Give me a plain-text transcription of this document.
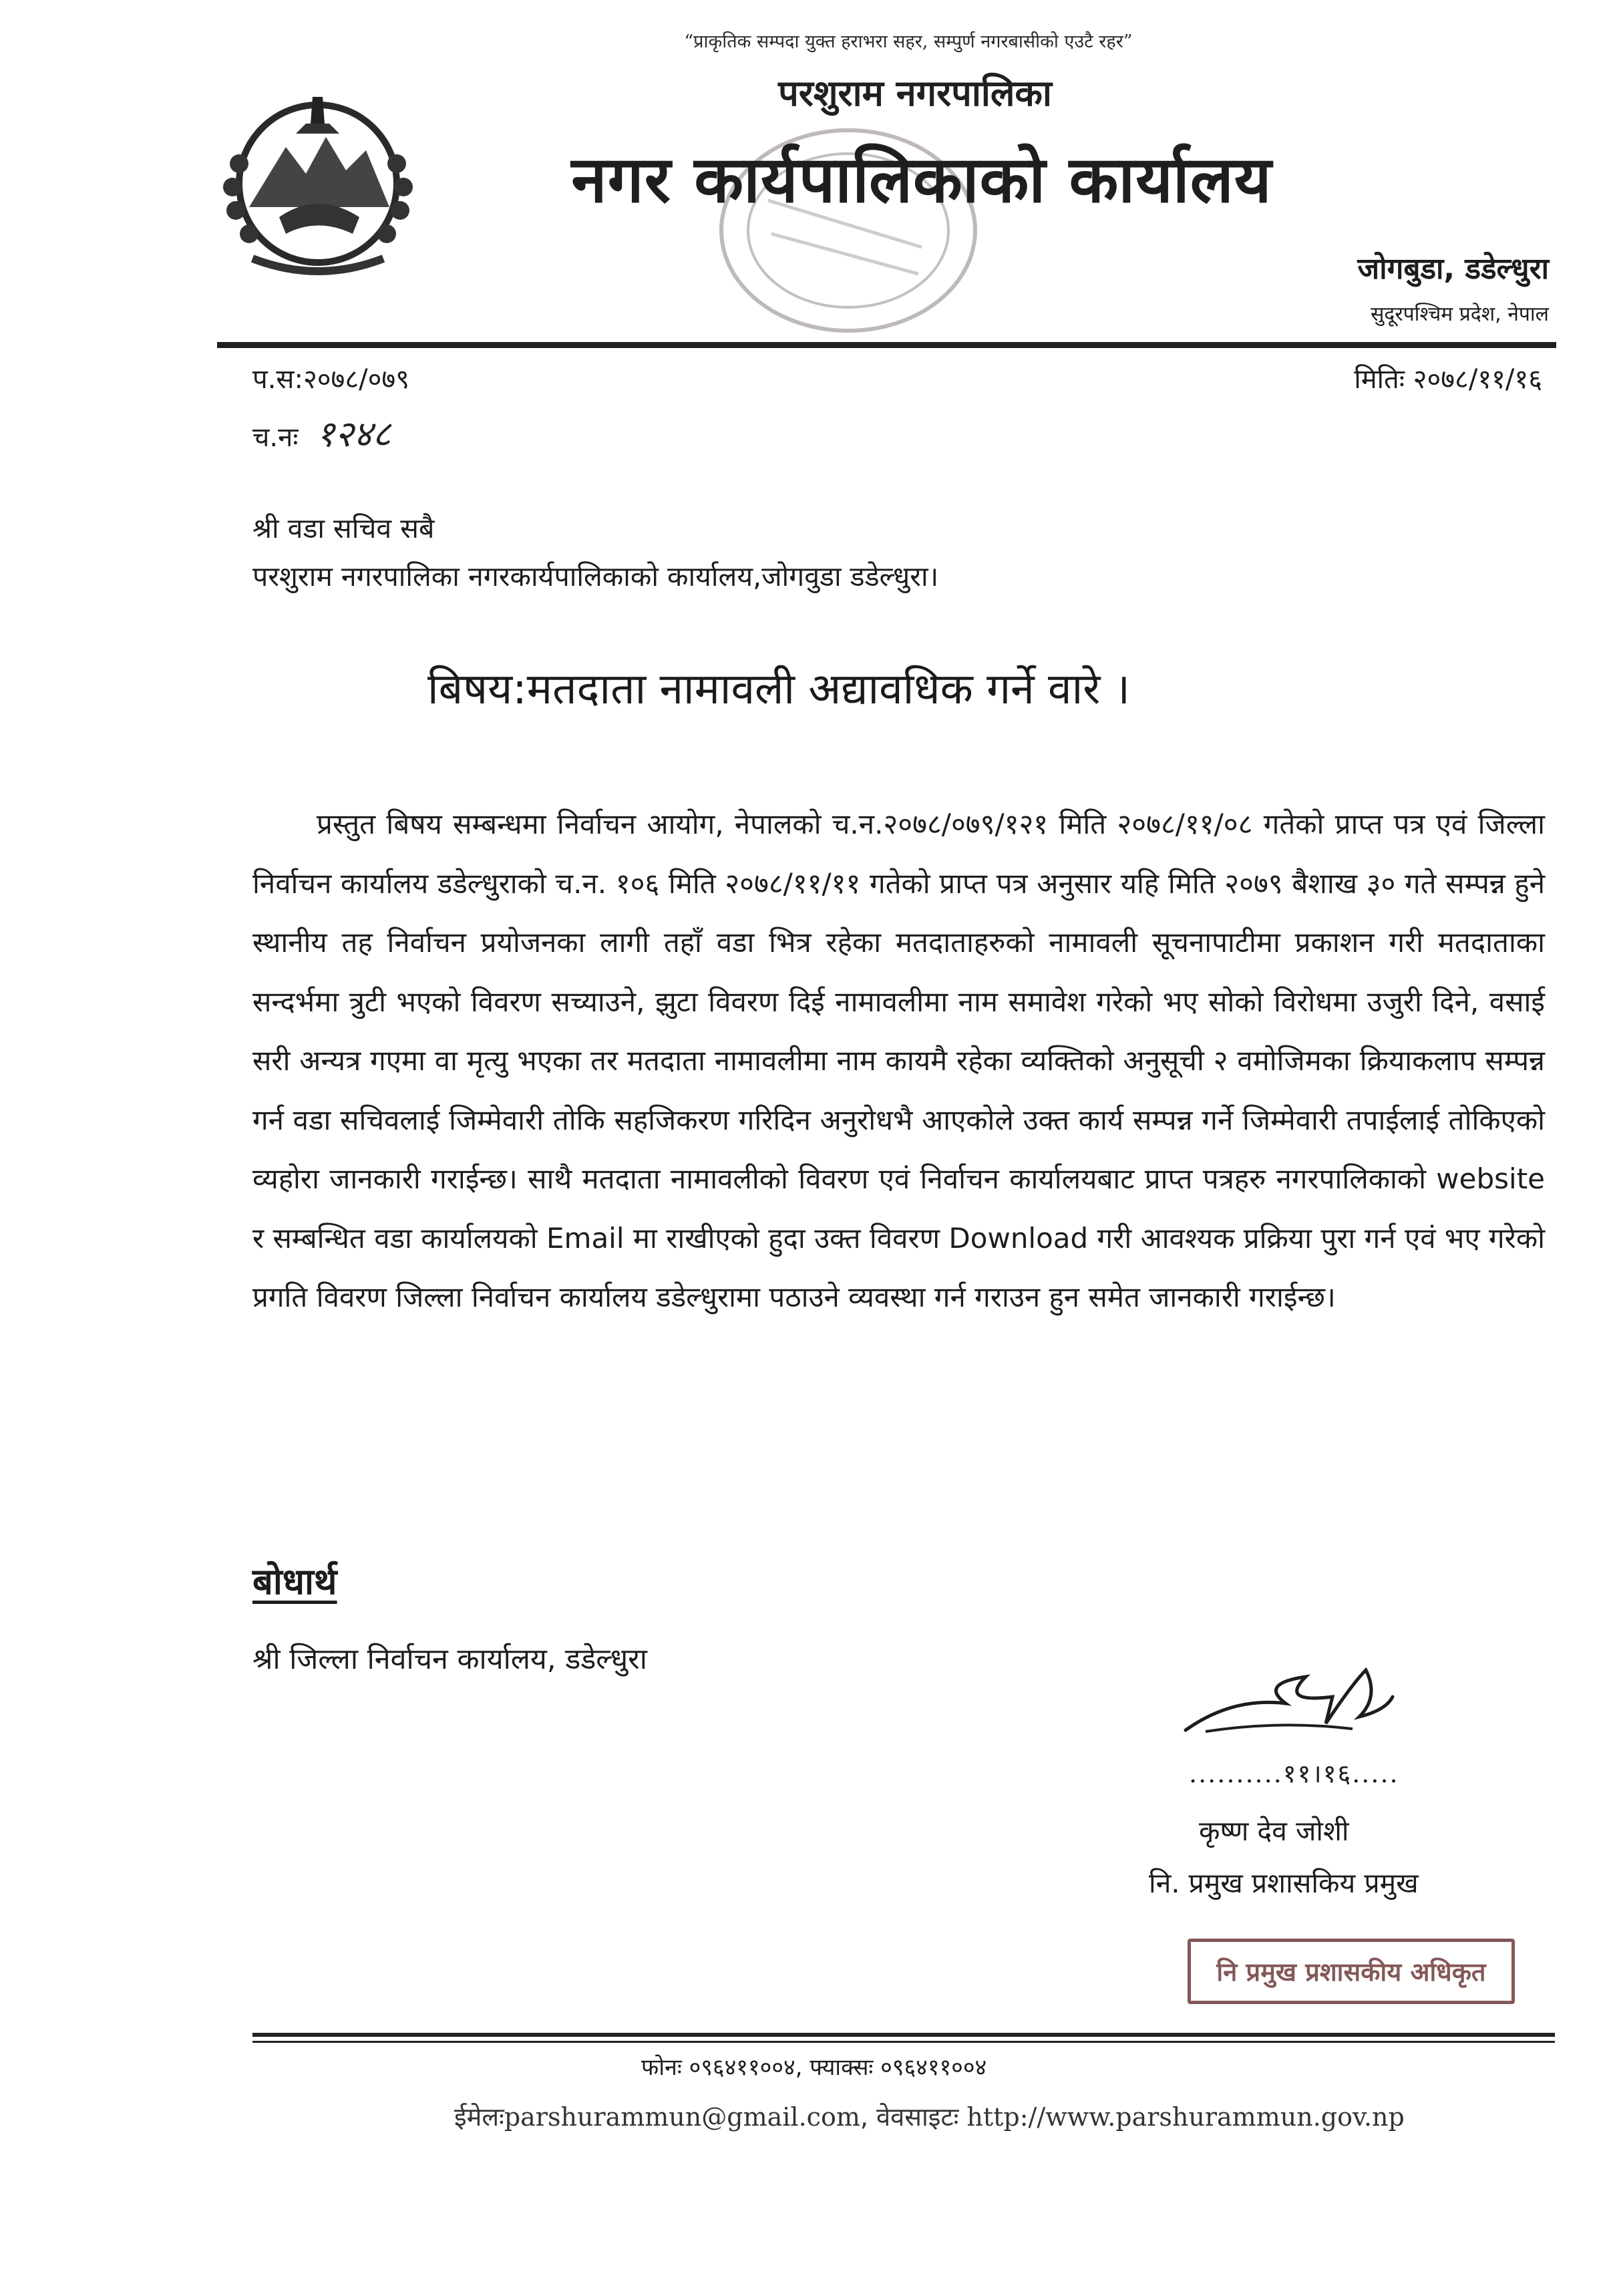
“प्राकृतिक सम्पदा युक्त हराभरा सहर, सम्पुर्ण नगरबासीको एउटै रहर”
परशुराम नगरपालिका
नगर कार्यपालिकाको कार्यालय
जोगबुडा, डडेल्धुरा
सुदूरपश्चिम प्रदेश, नेपाल
प.स:२०७८/०७९
च.नः १२४८
मितिः २०७८/११/१६
श्री वडा सचिव सबै
परशुराम नगरपालिका नगरकार्यपालिकाको कार्यालय,जोगवुडा डडेल्धुरा।
बिषय:मतदाता नामावली अद्यावधिक गर्ने वारे ।
प्रस्तुत बिषय सम्बन्धमा निर्वाचन आयोग, नेपालको च.न.२०७८/०७९/१२१ मिति २०७८/११/०८ गतेको प्राप्त पत्र एवं जिल्ला निर्वाचन कार्यालय डडेल्धुराको च.न. १०६ मिति २०७८/११/११ गतेको प्राप्त पत्र अनुसार यहि मिति २०७९ बैशाख ३० गते सम्पन्न हुने स्थानीय तह निर्वाचन प्रयोजनका लागी तहाँ वडा भित्र रहेका मतदाताहरुको नामावली सूचनापाटीमा प्रकाशन गरी मतदाताका सन्दर्भमा त्रुटी भएको विवरण सच्याउने, झुटा विवरण दिई नामावलीमा नाम समावेश गरेको भए सोको विरोधमा उजुरी दिने, वसाई सरी अन्यत्र गएमा वा मृत्यु भएका तर मतदाता नामावलीमा नाम कायमै रहेका व्यक्तिको अनुसूची २ वमोजिमका क्रियाकलाप सम्पन्न गर्न वडा सचिवलाई जिम्मेवारी तोकि सहजिकरण गरिदिन अनुरोधभै आएकोले उक्त कार्य सम्पन्न गर्ने जिम्मेवारी तपाईलाई तोकिएको व्यहोरा जानकारी गराईन्छ। साथै मतदाता नामावलीको विवरण एवं निर्वाचन कार्यालयबाट प्राप्त पत्रहरु नगरपालिकाको website र सम्बन्धित वडा कार्यालयको Email मा राखीएको हुदा उक्त विवरण Download गरी आवश्यक प्रक्रिया पुरा गर्न एवं भए गरेको प्रगति विवरण जिल्ला निर्वाचन कार्यालय डडेल्धुरामा पठाउने व्यवस्था गर्न गराउन हुन समेत जानकारी गराईन्छ।
बोधार्थ
श्री जिल्ला निर्वाचन कार्यालय, डडेल्धुरा
..........११।१६.....
कृष्ण देव जोशी
नि. प्रमुख प्रशासकिय प्रमुख
नि प्रमुख प्रशासकीय अधिकृत
फोनः ०९६४११००४, फ्याक्सः ०९६४११००४
ईमेलःparshurammun@gmail.com, वेवसाइटः http://www.parshurammun.gov.np
